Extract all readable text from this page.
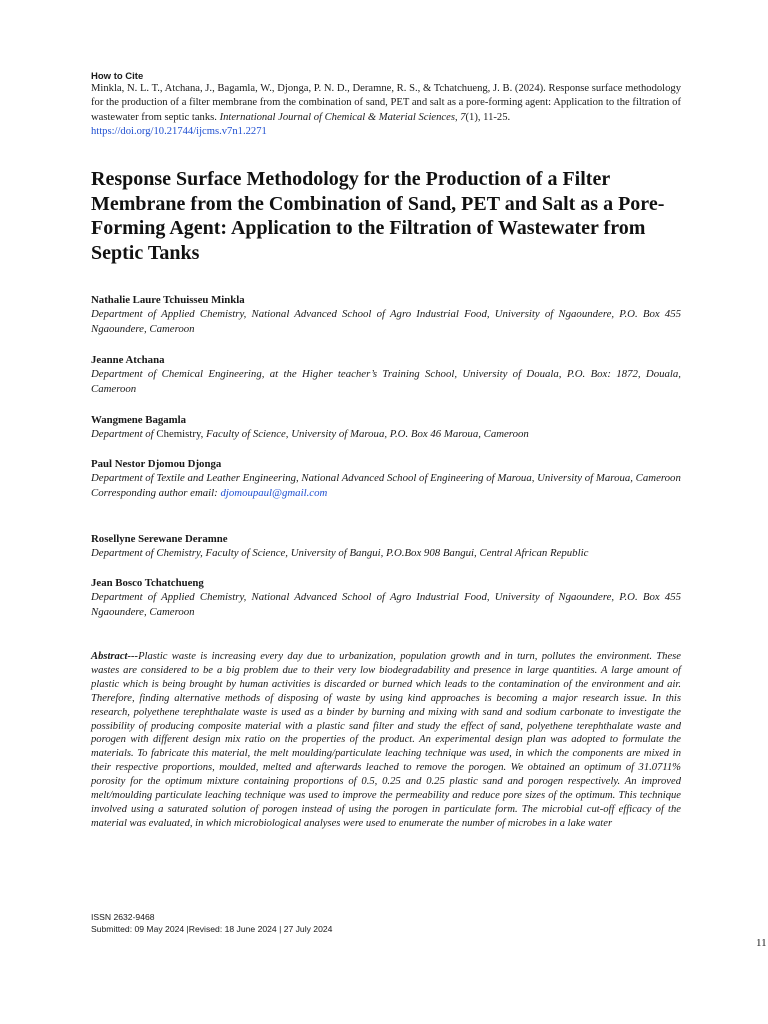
How to Cite
Minkla, N. L. T., Atchana, J., Bagamla, W., Djonga, P. N. D., Deramne, R. S., & Tchatchueng, J. B. (2024). Response surface methodology for the production of a filter membrane from the combination of sand, PET and salt as a pore-forming agent: Application to the filtration of wastewater from septic tanks. International Journal of Chemical & Material Sciences, 7(1), 11-25.
https://doi.org/10.21744/ijcms.v7n1.2271
Response Surface Methodology for the Production of a Filter Membrane from the Combination of Sand, PET and Salt as a Pore-Forming Agent: Application to the Filtration of Wastewater from Septic Tanks
Nathalie Laure Tchuisseu Minkla
Department of Applied Chemistry, National Advanced School of Agro Industrial Food, University of Ngaoundere, P.O. Box 455 Ngaoundere, Cameroon
Jeanne Atchana
Department of Chemical Engineering, at the Higher teacher’s Training School, University of Douala, P.O. Box: 1872, Douala, Cameroon
Wangmene Bagamla
Department of Chemistry, Faculty of Science, University of Maroua, P.O. Box 46 Maroua, Cameroon
Paul Nestor Djomou Djonga
Department of Textile and Leather Engineering, National Advanced School of Engineering of Maroua, University of Maroua, Cameroon
Corresponding author email: djomoupaul@gmail.com
Rosellyne Serewane Deramne
Department of Chemistry, Faculty of Science, University of Bangui, P.O.Box 908 Bangui, Central African Republic
Jean Bosco Tchatchueng
Department of Applied Chemistry, National Advanced School of Agro Industrial Food, University of Ngaoundere, P.O. Box 455 Ngaoundere, Cameroon
Abstract---Plastic waste is increasing every day due to urbanization, population growth and in turn, pollutes the environment. These wastes are considered to be a big problem due to their very low biodegradability and presence in large quantities. A large amount of plastic which is being brought by human activities is discarded or burned which leads to the contamination of the environment and air. Therefore, finding alternative methods of disposing of waste by using kind approaches is becoming a major research issue. In this research, polyethene terephthalate waste is used as a binder by burning and mixing with sand and sodium carbonate to investigate the possibility of producing composite material with a plastic sand filter and study the effect of sand, polyethene terephthalate waste and porogen with different design mix ratio on the properties of the product. An experimental design plan was adopted to formulate the materials. To fabricate this material, the melt moulding/particulate leaching technique was used, in which the components are mixed in their respective proportions, moulded, melted and afterwards leached to remove the porogen. We obtained an optimum of 31.0711% porosity for the optimum mixture containing proportions of 0.5, 0.25 and 0.25 plastic sand and porogen respectively. An improved melt/moulding particulate leaching technique was used to improve the permeability and reduce pore sizes of the optimum. This technique involved using a saturated solution of porogen instead of using the porogen in particulate form. The microbial cut-off efficacy of the material was evaluated, in which microbiological analyses were used to enumerate the number of microbes in a lake water
ISSN 2632-9468
Submitted: 09 May 2024 |Revised: 18 June 2024 | 27 July 2024
11
